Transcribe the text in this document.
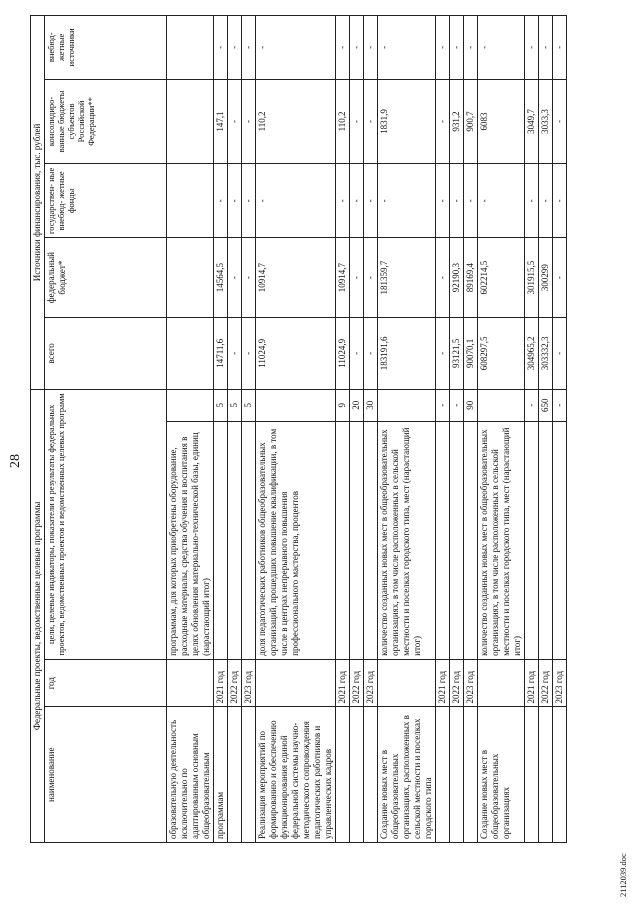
28
Федеральные проекты, ведомственные целевые программы				Источники финансирования, тыс. рублей				
наименование	год	цели, целевые индикаторы, показатели и результаты федеральных проектов, ведомственных проектов и ведомственных целевых программ		всего	федеральный бюджет*	государствен- ные внебюд- жетные фонды	консолидиро- ванные бюджеты субъектов Российской Федерации**	внебюд- жетные источники
образовательную деятельность исключительно по адаптированным основным общеобразовательным		программам, для которых приобретены оборудование, расходные материалы, средства обучения и воспитания в целях обновления материально-технической базы, единиц (нарастающий итог)						
программам	2021 год		5	14711,6	14564,5	-	147,1	-
	2022 год		5	-	-	-	-	-
	2023 год		5	-	-	-	-	-
Реализация мероприятий по формированию и обеспечению функционирования единой федеральной системы научно-методического сопровождения педагогических работников и управленческих кадров		доля педагогических работников общеобразовательных организаций, прошедших повышение квалификации, в том числе в центрах непрерывного повышения профессионального мастерства, процентов		11024,9	10914,7	-	110,2	-
	2021 год		9	11024,9	10914,7	-	110,2	-
	2022 год		20	-	-	-	-	-
	2023 год		30	-	-	-	-	-
Создание новых мест в общеобразовательных организациях, расположенных в сельской местности и поселках городского типа		количество созданных новых мест в общеобразовательных организациях, в том числе расположенных в сельской местности и поселках городского типа, мест (нарастающий итог)		183191,6	181359,7	-	1831,9	-
	2021 год		-	-	-	-	-	-
	2022 год		-	93121,5	92190,3	-	931,2	-
	2023 год		90	90070,1	89169,4	-	900,7	-
Создание новых мест в общеобразовательных организациях		количество созданных новых мест в общеобразовательных организациях, в том числе расположенных в сельской местности и поселках городского типа, мест (нарастающий итог)		608297,5	602214,5	-	6083	-
	2021 год		-	304965,2	301915,5	-	3049,7	-
	2022 год		650	303332,3	300299	-	3033,3	-
	2023 год		-	-	-	-	-	-
2112039.doc
